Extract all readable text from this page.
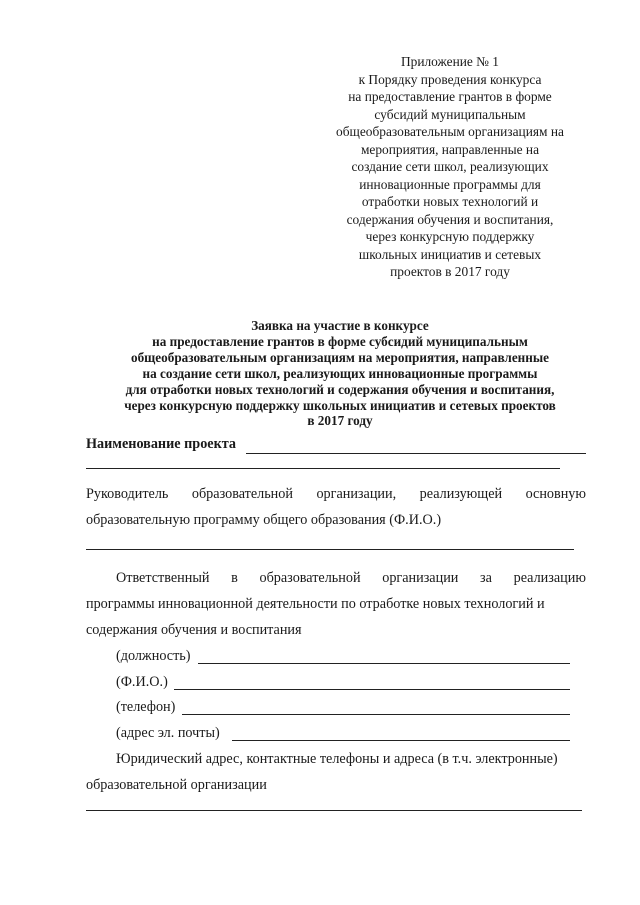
Приложение № 1
к Порядку проведения конкурса
на предоставление грантов в форме
субсидий муниципальным
общеобразовательным организациям на
мероприятия, направленные на
создание сети школ, реализующих
инновационные программы для
отработки новых технологий и
содержания обучения и воспитания,
через конкурсную поддержку
школьных инициатив и сетевых
проектов в 2017 году
Заявка на участие в конкурсе
на предоставление грантов в форме субсидий муниципальным
общеобразовательным организациям на мероприятия, направленные
на создание сети школ, реализующих инновационные программы
для отработки новых технологий и содержания обучения и воспитания,
через конкурсную поддержку школьных инициатив и сетевых проектов
в 2017 году
Наименование проекта
Руководитель образовательной организации, реализующей основную
образовательную программу общего образования (Ф.И.О.)
Ответственный в образовательной организации за реализацию
программы инновационной деятельности по отработке новых технологий и
содержания обучения и воспитания
(должность)
(Ф.И.О.)
(телефон)
(адрес эл. почты)
Юридический адрес, контактные телефоны и адреса (в т.ч. электронные)
образовательной организации
